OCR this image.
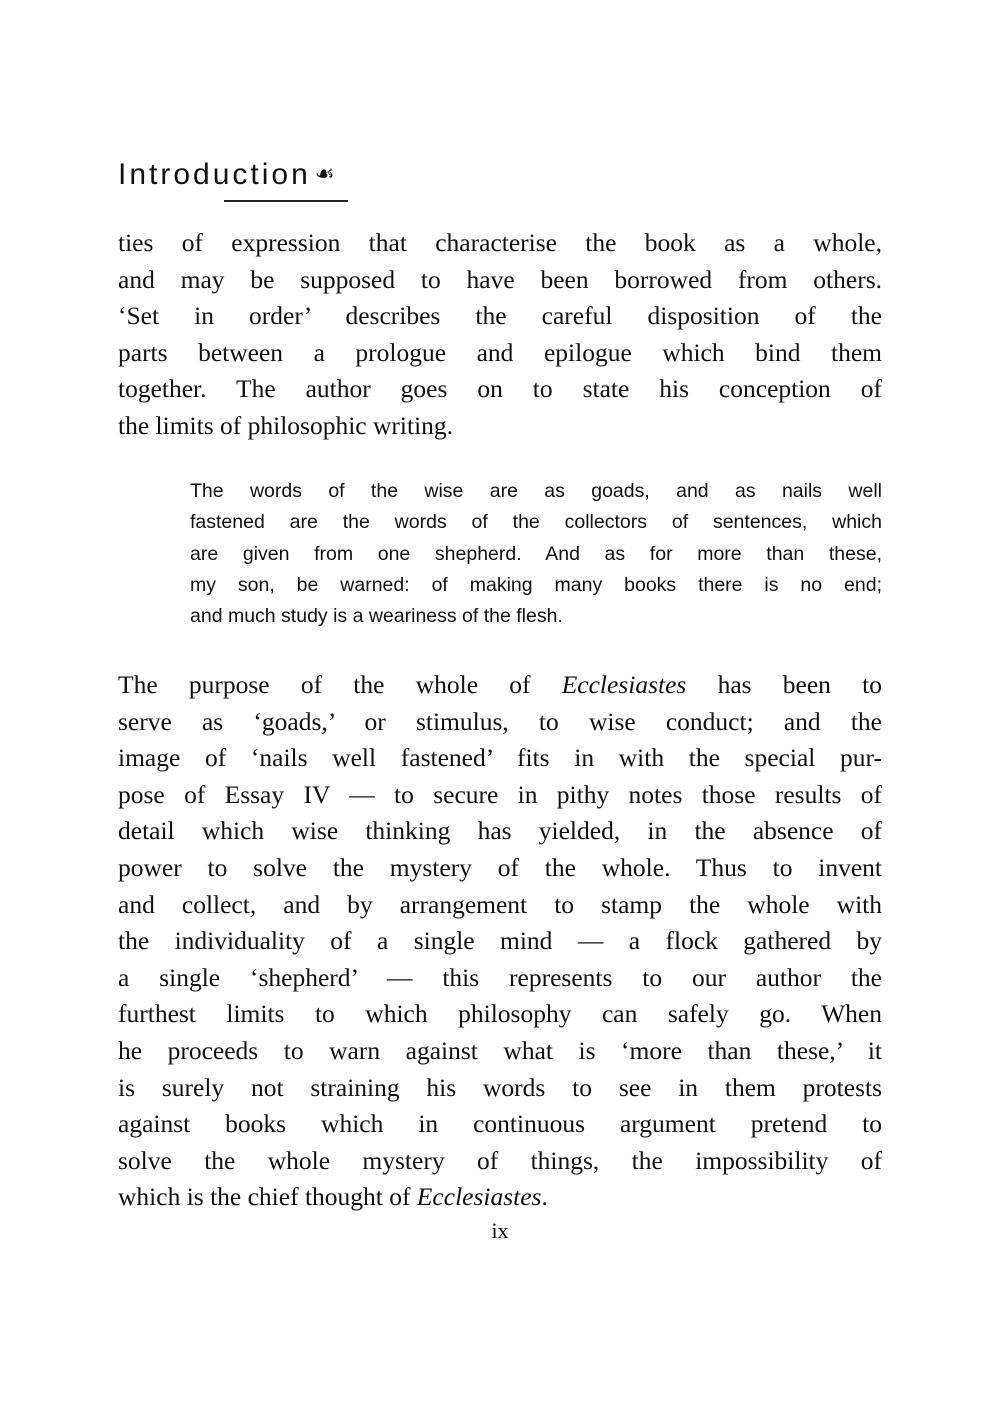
Introduction ☙
ties of expression that characterise the book as a whole,
and may be supposed to have been borrowed from others.
‘Set in order’ describes the careful disposition of the
parts between a prologue and epilogue which bind them
together. The author goes on to state his conception of
the limits of philosophic writing.
The words of the wise are as goads, and as nails well
fastened are the words of the collectors of sentences, which
are given from one shepherd. And as for more than these,
my son, be warned: of making many books there is no end;
and much study is a weariness of the flesh.
The purpose of the whole of Ecclesiastes has been to
serve as ‘goads,’ or stimulus, to wise conduct; and the
image of ‘nails well fastened’ fits in with the special pur-
pose of Essay IV — to secure in pithy notes those results of
detail which wise thinking has yielded, in the absence of
power to solve the mystery of the whole. Thus to invent
and collect, and by arrangement to stamp the whole with
the individuality of a single mind — a flock gathered by
a single ‘shepherd’ — this represents to our author the
furthest limits to which philosophy can safely go. When
he proceeds to warn against what is ‘more than these,’ it
is surely not straining his words to see in them protests
against books which in continuous argument pretend to
solve the whole mystery of things, the impossibility of
which is the chief thought of Ecclesiastes.
ix
